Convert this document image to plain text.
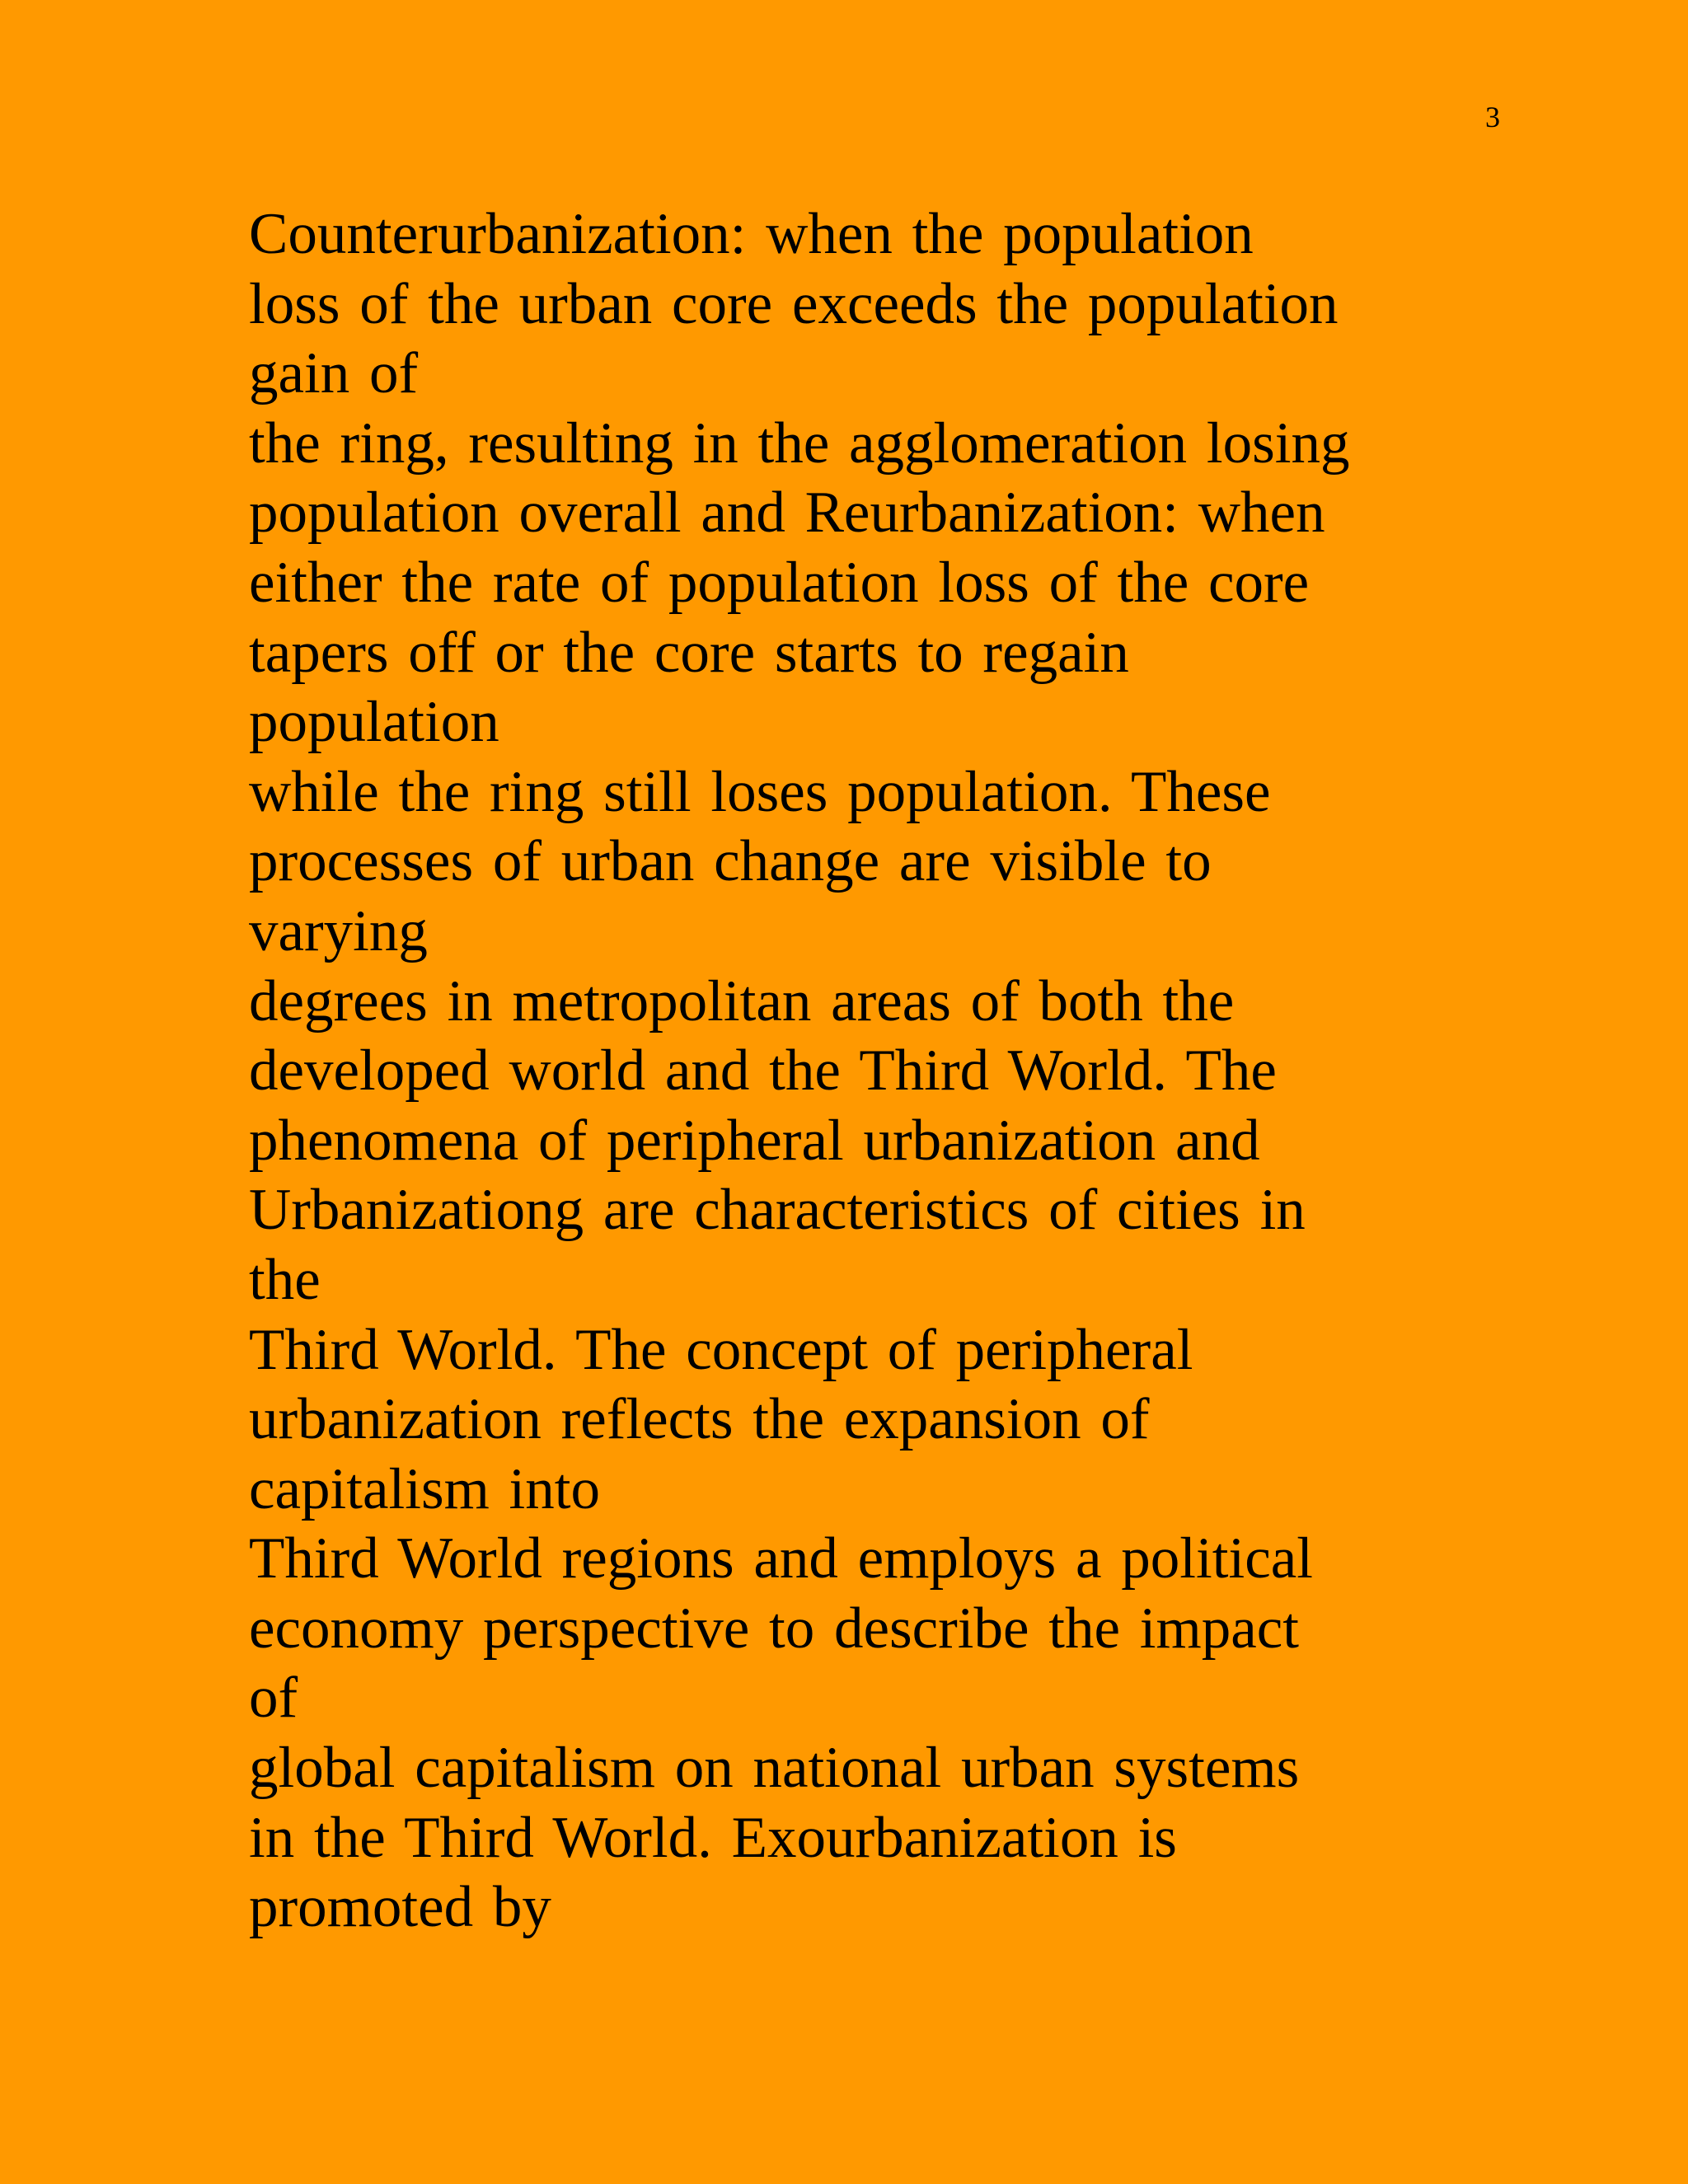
3
Counterurbanization: when the population
loss of the urban core exceeds the population
gain of
the ring, resulting in the agglomeration losing
population overall and Reurbanization: when
either the rate of population loss of the core
tapers off or the core starts to regain
population
while the ring still loses population. These
processes of urban change are visible to
varying
degrees in metropolitan areas of both the
developed world and the Third World. The
phenomena of peripheral urbanization and
Urbanizationg are characteristics of cities in
the
Third World. The concept of peripheral
urbanization reflects the expansion of
capitalism into
Third World regions and employs a political
economy perspective to describe the impact
of
global capitalism on national urban systems
in the Third World. Exourbanization is
promoted by
